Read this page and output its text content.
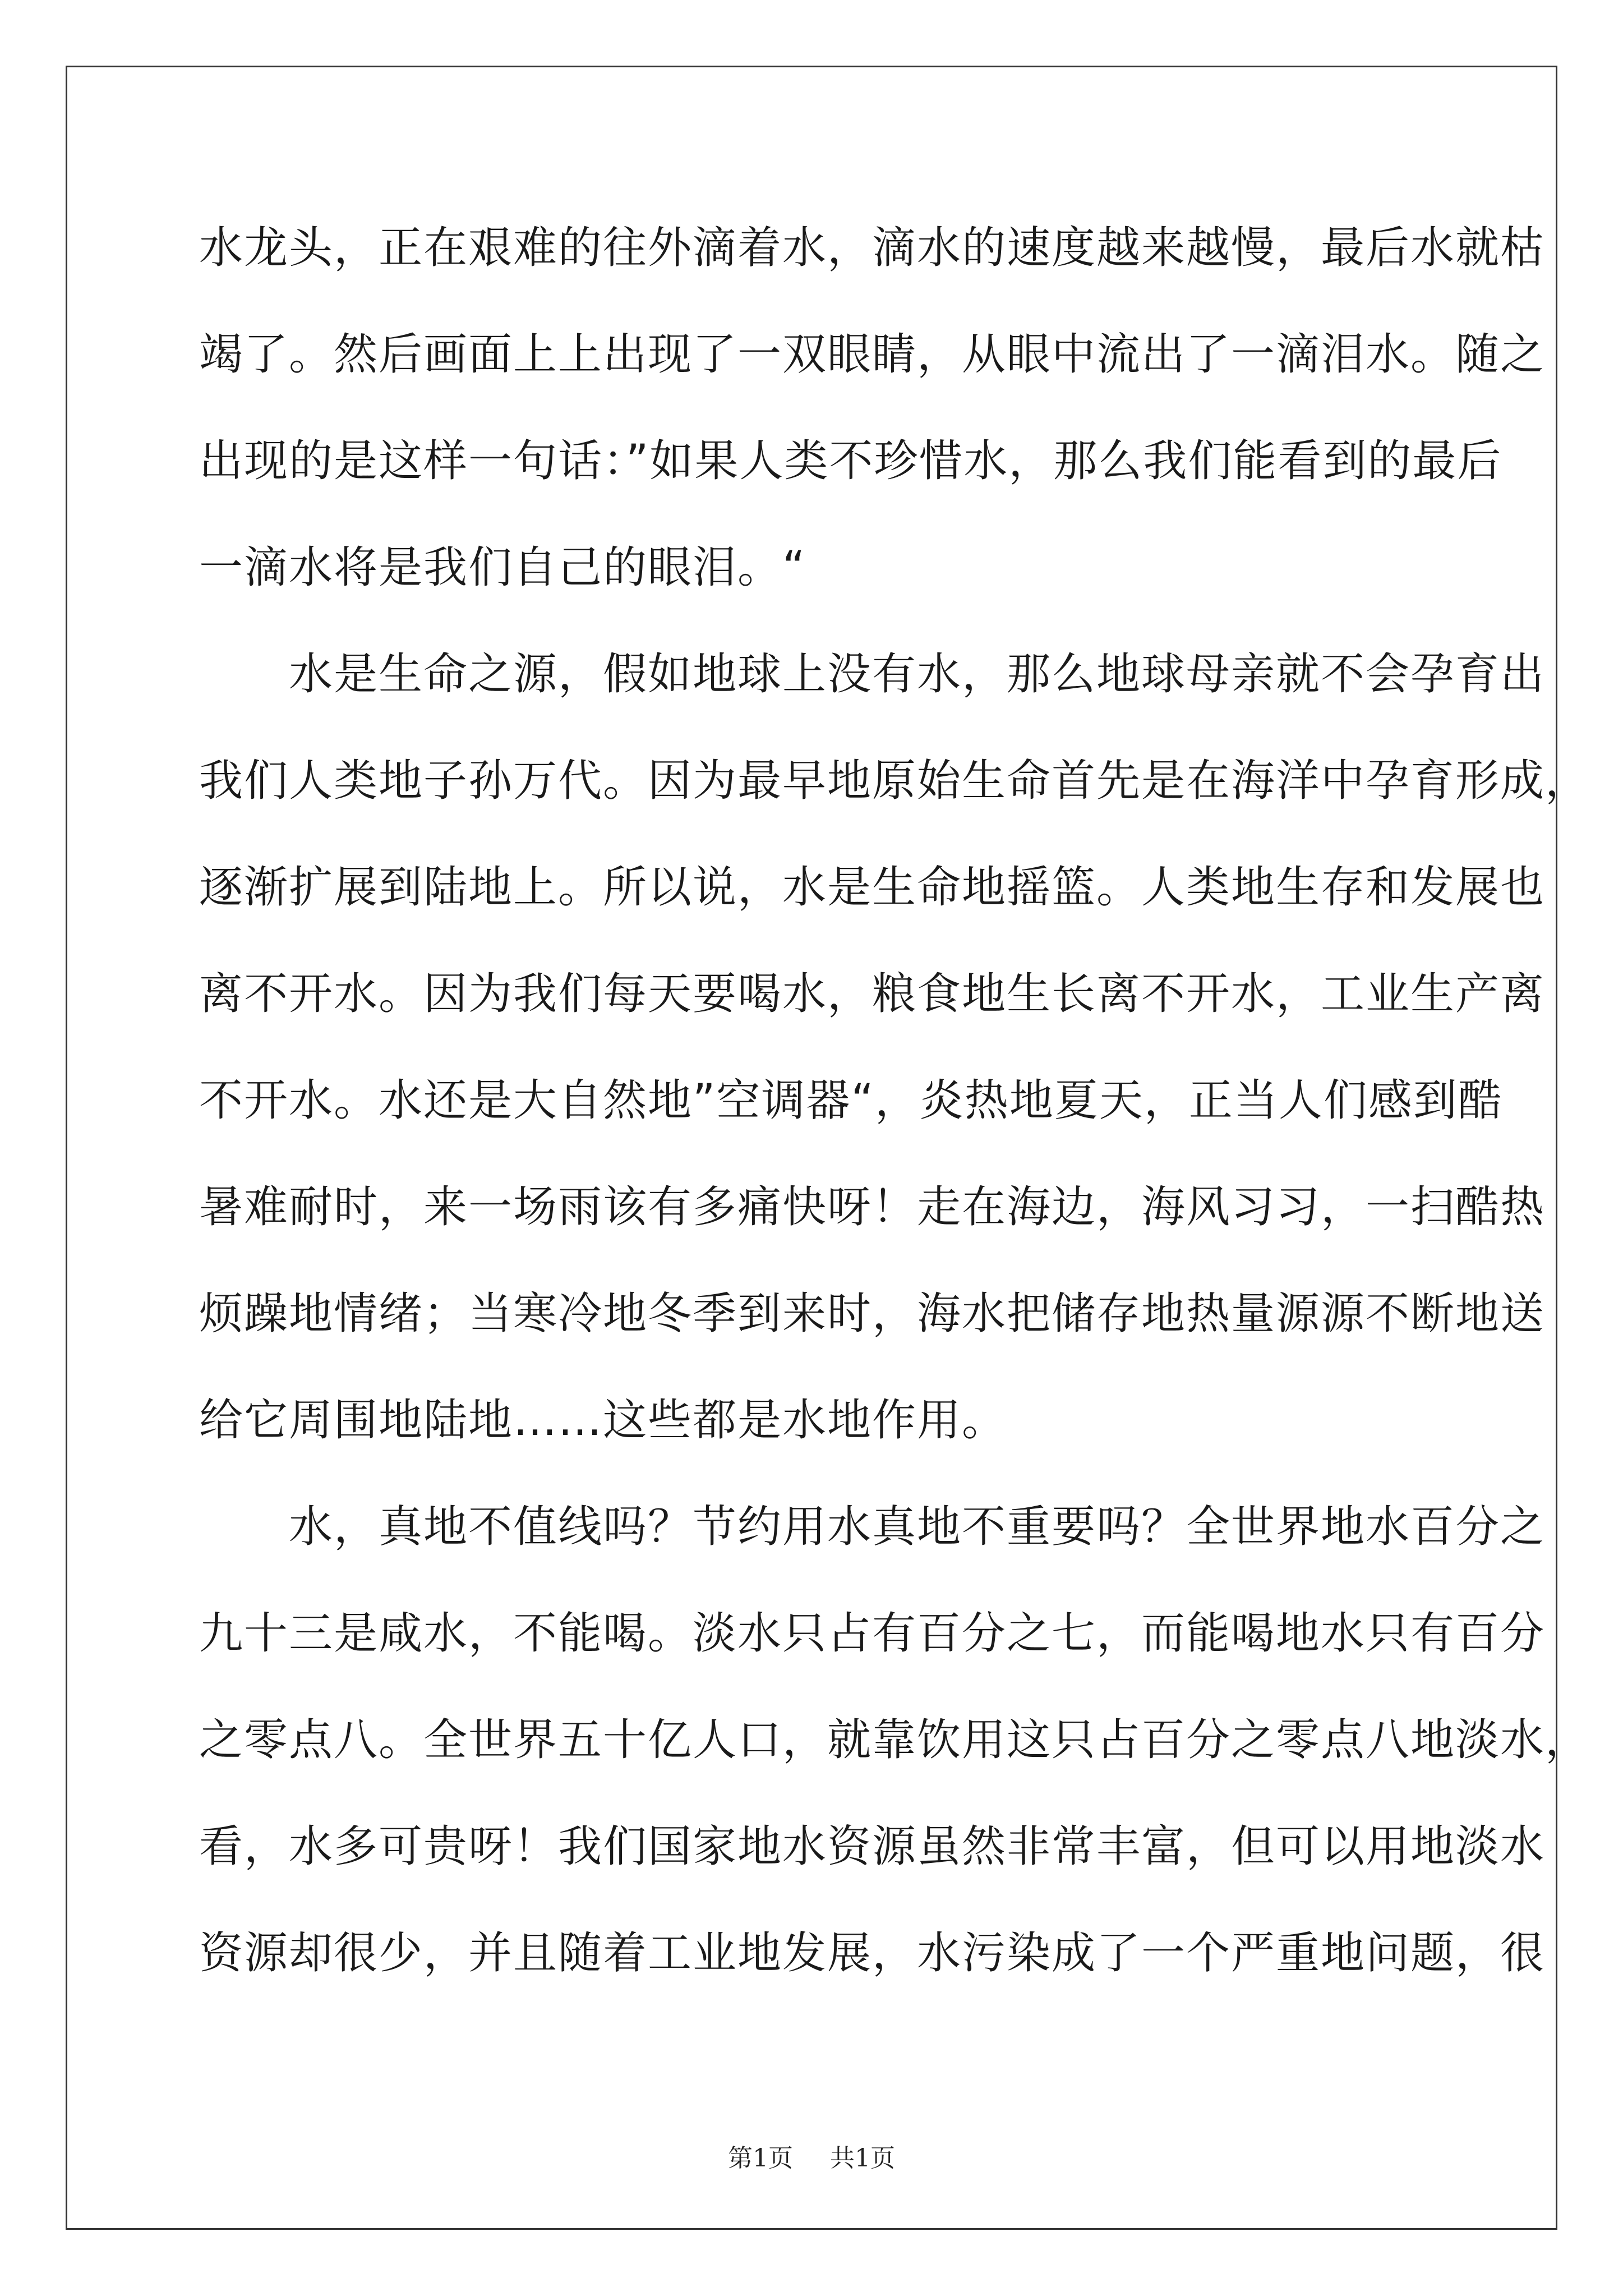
水龙头，正在艰难的往外滴着水，滴水的速度越来越慢，最后水就枯
竭了。然后画面上上出现了一双眼睛，从眼中流出了一滴泪水。随之
出现的是这样一句话：”如果人类不珍惜水，那么我们能看到的最后
一滴水将是我们自己的眼泪。“
　　水是生命之源，假如地球上没有水，那么地球母亲就不会孕育出
我们人类地子孙万代。因为最早地原始生命首先是在海洋中孕育形成，
逐渐扩展到陆地上。所以说，水是生命地摇篮。人类地生存和发展也
离不开水。因为我们每天要喝水，粮食地生长离不开水，工业生产离
不开水。水还是大自然地”空调器“，炎热地夏天，正当人们感到酷
暑难耐时，来一场雨该有多痛快呀！走在海边，海风习习，一扫酷热
烦躁地情绪；当寒冷地冬季到来时，海水把储存地热量源源不断地送
给它周围地陆地……这些都是水地作用。
　　水，真地不值线吗？节约用水真地不重要吗？全世界地水百分之
九十三是咸水，不能喝。淡水只占有百分之七，而能喝地水只有百分
之零点八。全世界五十亿人口，就靠饮用这只占百分之零点八地淡水，
看，水多可贵呀！我们国家地水资源虽然非常丰富，但可以用地淡水
资源却很少，并且随着工业地发展，水污染成了一个严重地问题，很
第1页 共1页
